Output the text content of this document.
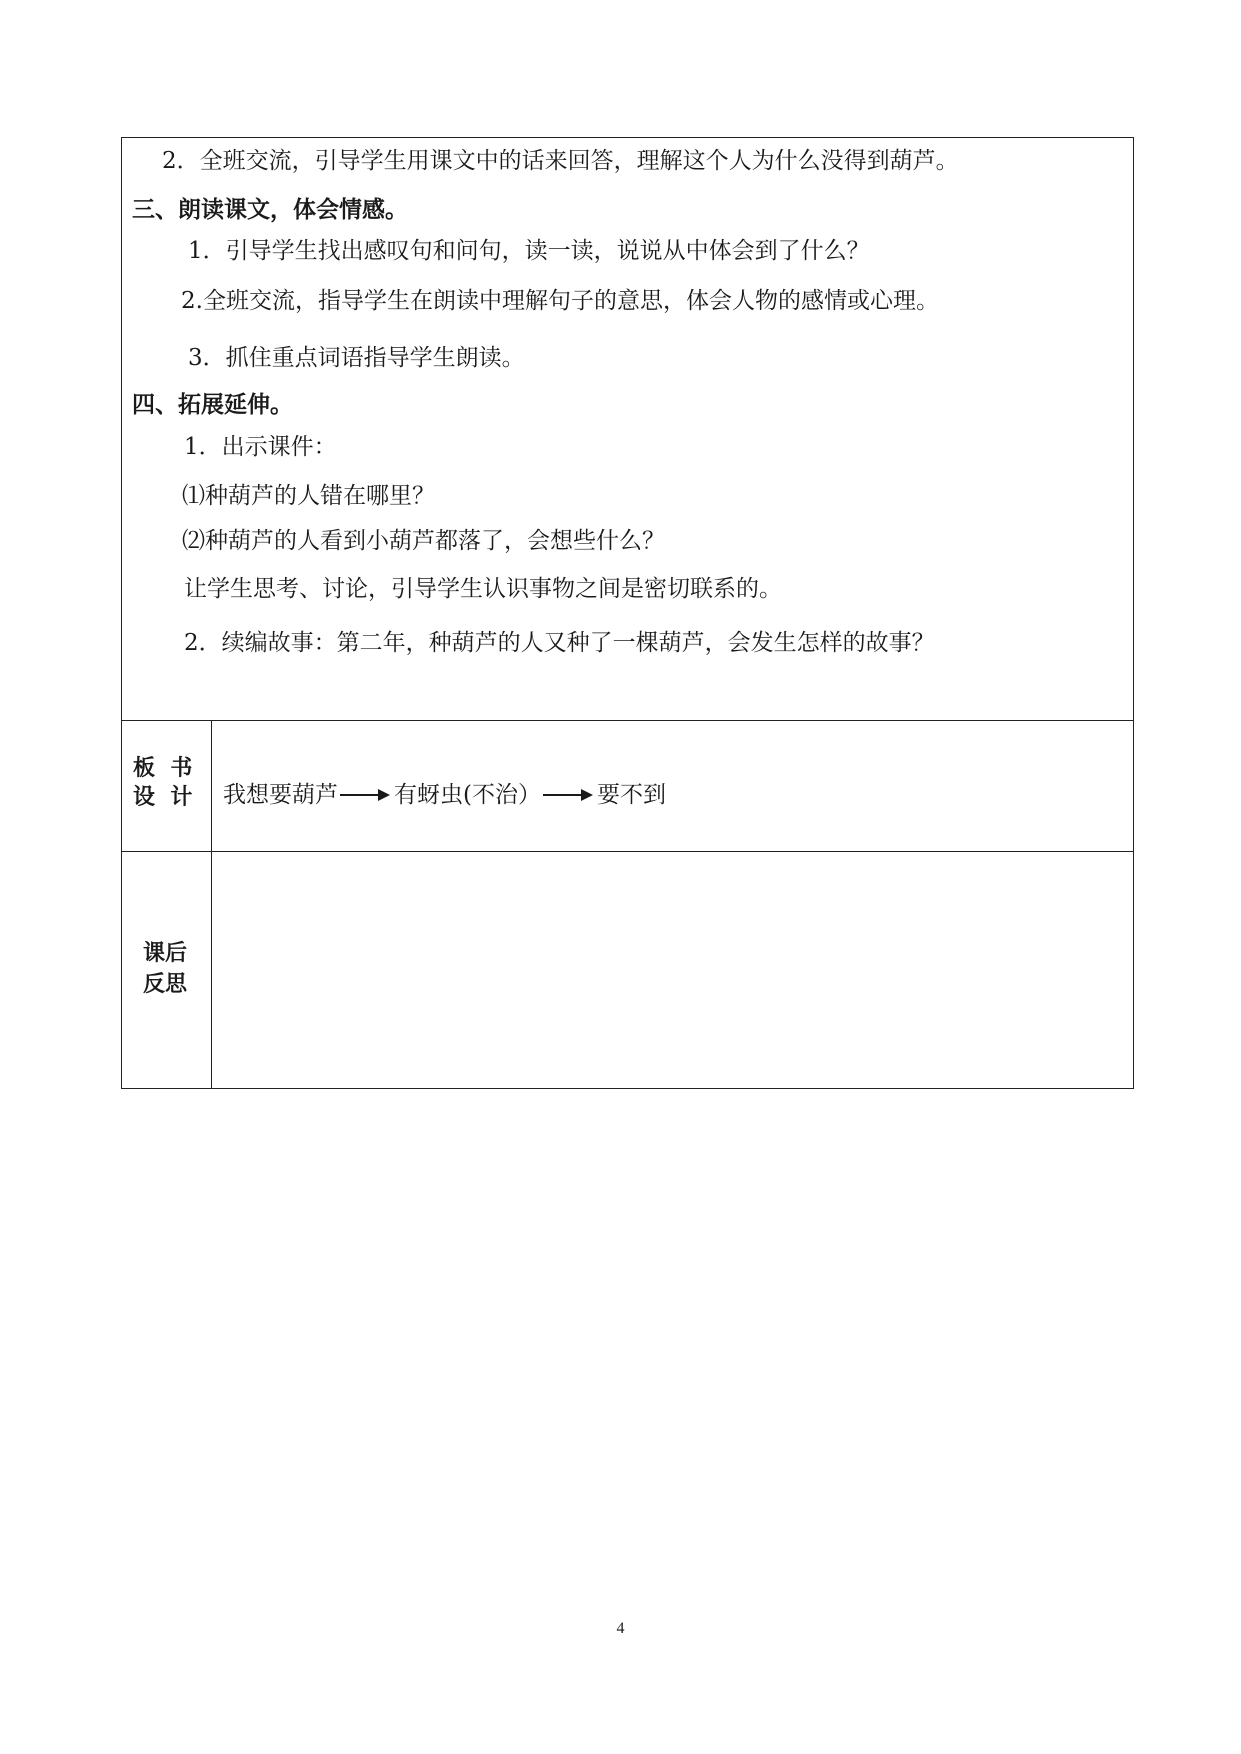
2．全班交流，引导学生用课文中的话来回答，理解这个人为什么没得到葫芦。
三、朗读课文，体会情感。
1．引导学生找出感叹句和问句，读一读，说说从中体会到了什么？
2.全班交流，指导学生在朗读中理解句子的意思，体会人物的感情或心理。
3．抓住重点词语指导学生朗读。
四、拓展延伸。
1．出示课件：
⑴种葫芦的人错在哪里？
⑵种葫芦的人看到小葫芦都落了，会想些什么？
让学生思考、讨论，引导学生认识事物之间是密切联系的。
2．续编故事：第二年，种葫芦的人又种了一棵葫芦，会发生怎样的故事？
板  书
设  计 我想要葫芦 有蚜虫(不治） 要不到
课后
反思
4
